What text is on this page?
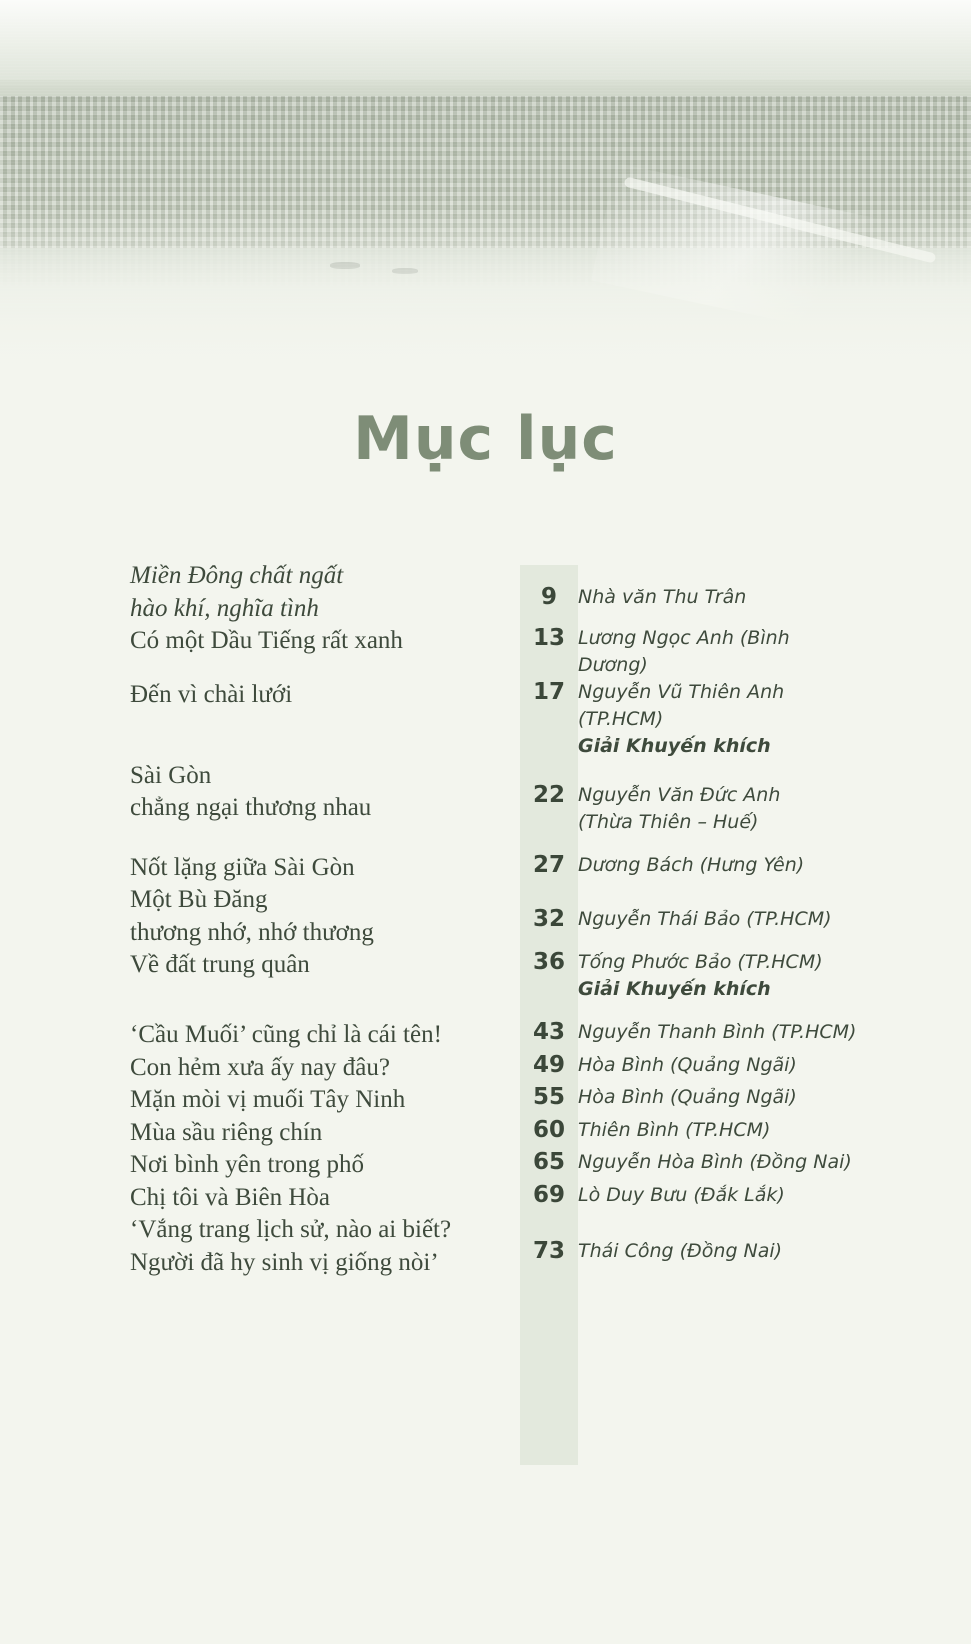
Mục lục
Miền Đông chất ngất
hào khí, nghĩa tình	9	Nhà văn Thu Trân
Có một Dầu Tiếng rất xanh	13	Lương Ngọc Anh (Bình Dương)
Đến vì chài lưới	17	Nguyễn Vũ Thiên Anh (TP.HCM)
Giải Khuyến khích

Sài Gòn
chẳng ngại thương nhau	22	Nguyễn Văn Đức Anh
(Thừa Thiên – Huế)

Nốt lặng giữa Sài Gòn	27	Dương Bách (Hưng Yên)
Một Bù Đăng
thương nhớ, nhớ thương	32	Nguyễn Thái Bảo (TP.HCM)
Về đất trung quân	36	Tống Phước Bảo (TP.HCM)
Giải Khuyến khích

‘Cầu Muối’ cũng chỉ là cái tên!	43	Nguyễn Thanh Bình (TP.HCM)
Con hẻm xưa ấy nay đâu?	49	Hòa Bình (Quảng Ngãi)
Mặn mòi vị muối Tây Ninh	55	Hòa Bình (Quảng Ngãi)
Mùa sầu riêng chín	60	Thiên Bình (TP.HCM)
Nơi bình yên trong phố	65	Nguyễn Hòa Bình (Đồng Nai)
Chị tôi và Biên Hòa	69	Lò Duy Bưu (Đắk Lắk)
‘Vắng trang lịch sử, nào ai biết?
Người đã hy sinh vị giống nòi’	73	Thái Công (Đồng Nai)
